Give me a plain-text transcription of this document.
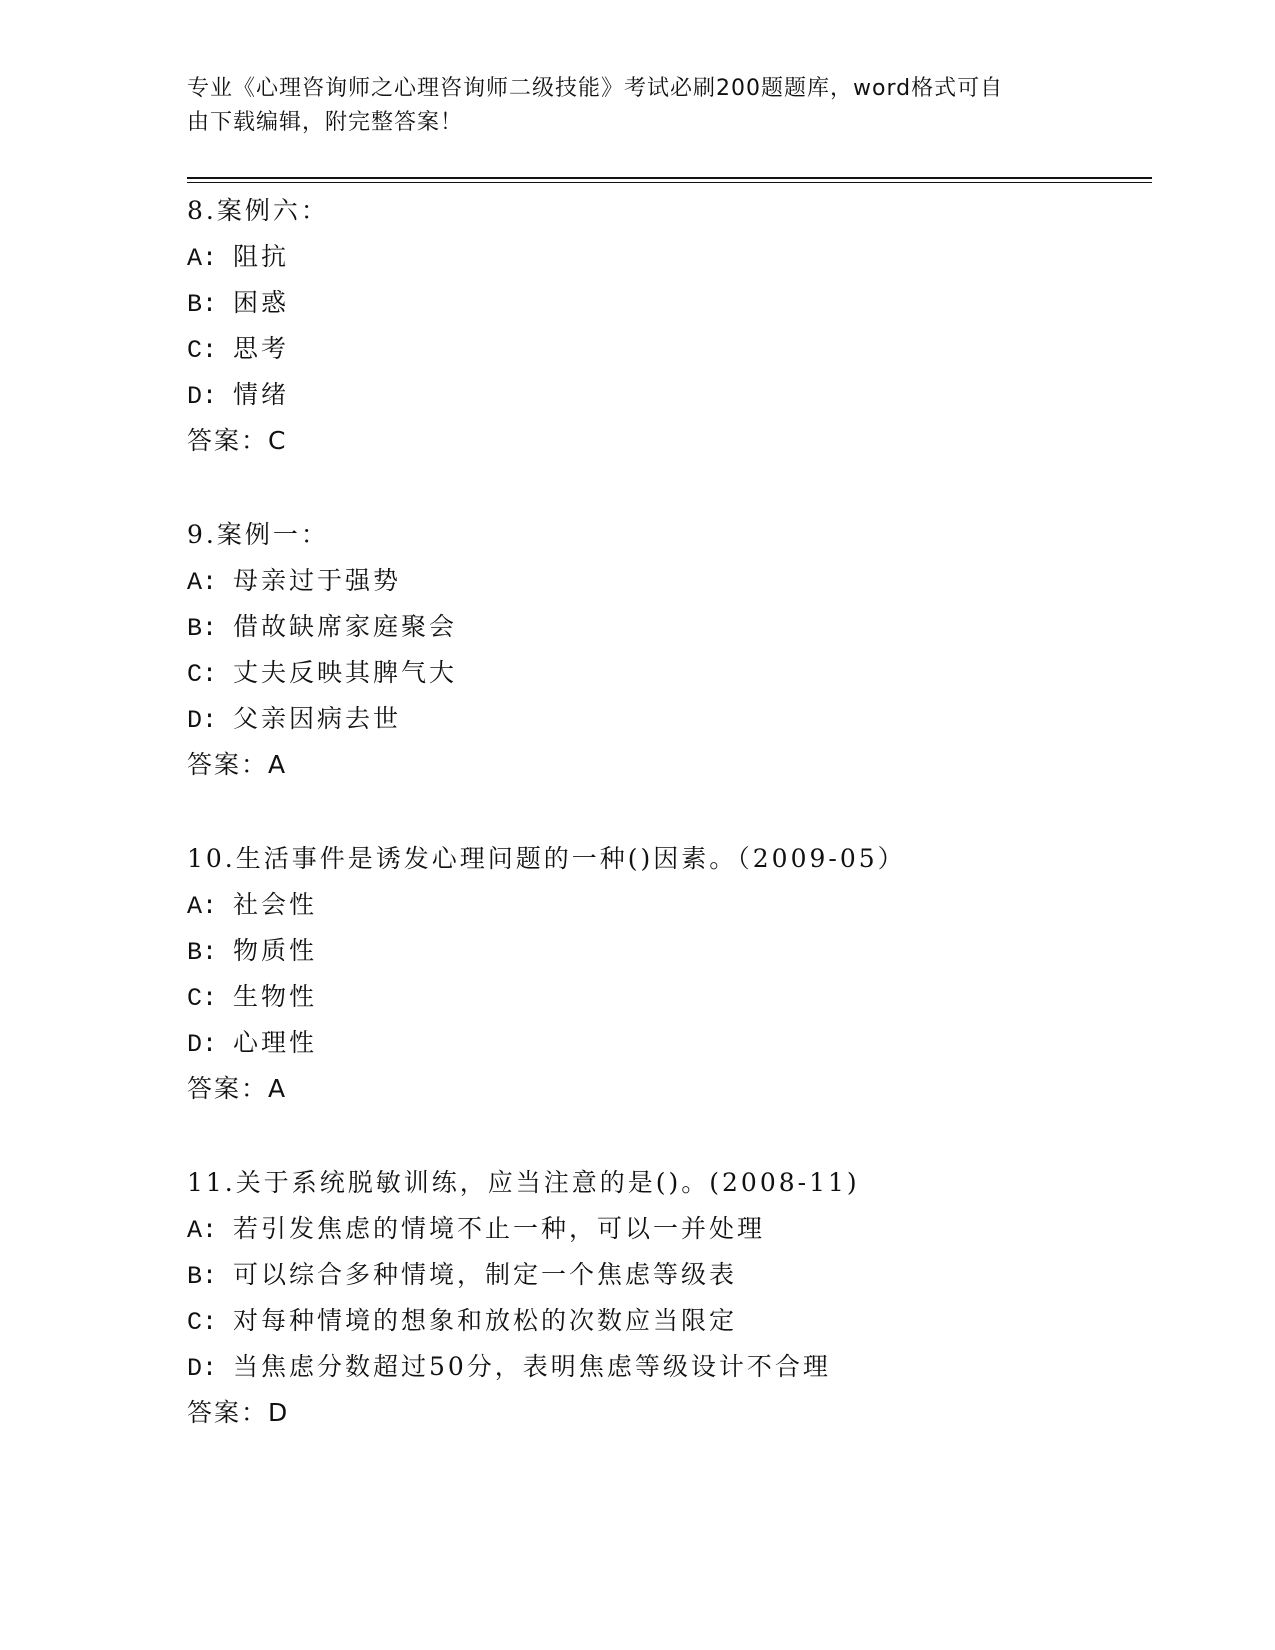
专业《心理咨询师之心理咨询师二级技能》考试必刷200题题库，word格式可自
由下载编辑，附完整答案！
8.案例六：
A: 阻抗
B: 困惑
C: 思考
D: 情绪
答案：C
9.案例一：
A: 母亲过于强势
B: 借故缺席家庭聚会
C: 丈夫反映其脾气大
D: 父亲因病去世
答案：A
10.生活事件是诱发心理问题的一种()因素。（2009-05）
A: 社会性
B: 物质性
C: 生物性
D: 心理性
答案：A
11.关于系统脱敏训练，应当注意的是()。(2008-11)
A: 若引发焦虑的情境不止一种，可以一并处理
B: 可以综合多种情境，制定一个焦虑等级表
C: 对每种情境的想象和放松的次数应当限定
D: 当焦虑分数超过50分，表明焦虑等级设计不合理
答案：D
